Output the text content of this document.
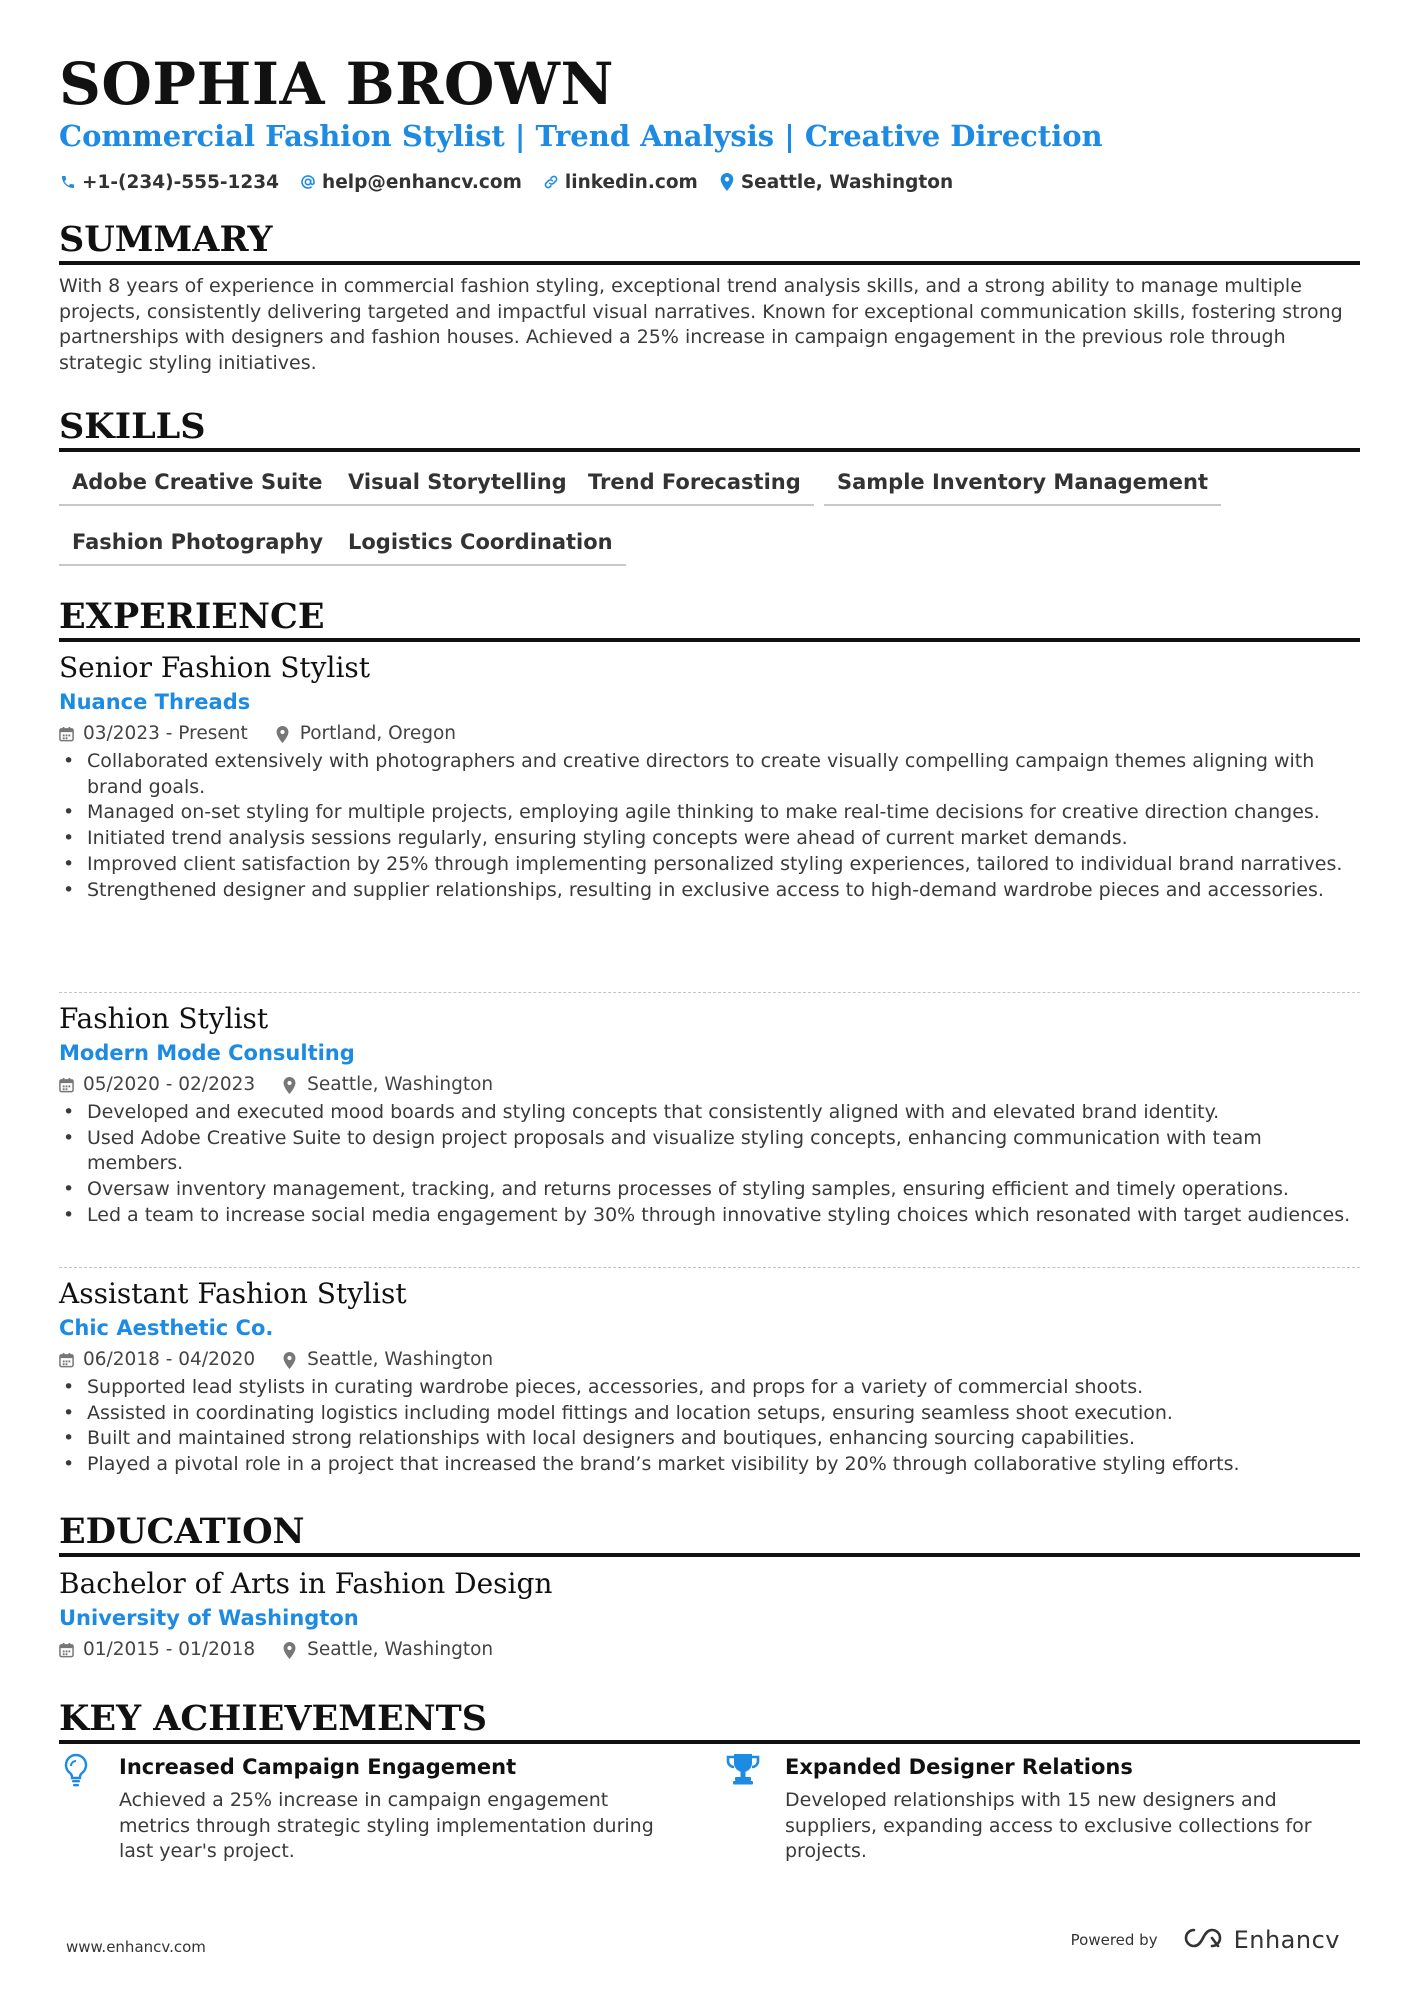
SOPHIA BROWN
Commercial Fashion Stylist | Trend Analysis | Creative Direction
+1-(234)-555-1234 help@enhancv.com linkedin.com Seattle, Washington
SUMMARY
With 8 years of experience in commercial fashion styling, exceptional trend analysis skills, and a strong ability to manage multiple projects, consistently delivering targeted and impactful visual narratives. Known for exceptional communication skills, fostering strong partnerships with designers and fashion houses. Achieved a 25% increase in campaign engagement in the previous role through strategic styling initiatives.
SKILLS
Adobe Creative Suite	Visual Storytelling	Trend Forecasting	Sample Inventory Management
Fashion Photography	Logistics Coordination
EXPERIENCE
Senior Fashion Stylist
Nuance Threads
03/2023 - Present	Portland, Oregon
• Collaborated extensively with photographers and creative directors to create visually compelling campaign themes aligning with brand goals.
• Managed on-set styling for multiple projects, employing agile thinking to make real-time decisions for creative direction changes.
• Initiated trend analysis sessions regularly, ensuring styling concepts were ahead of current market demands.
• Improved client satisfaction by 25% through implementing personalized styling experiences, tailored to individual brand narratives.
• Strengthened designer and supplier relationships, resulting in exclusive access to high-demand wardrobe pieces and accessories.
Fashion Stylist
Modern Mode Consulting
05/2020 - 02/2023	Seattle, Washington
• Developed and executed mood boards and styling concepts that consistently aligned with and elevated brand identity.
• Used Adobe Creative Suite to design project proposals and visualize styling concepts, enhancing communication with team members.
• Oversaw inventory management, tracking, and returns processes of styling samples, ensuring efficient and timely operations.
• Led a team to increase social media engagement by 30% through innovative styling choices which resonated with target audiences.
Assistant Fashion Stylist
Chic Aesthetic Co.
06/2018 - 04/2020	Seattle, Washington
• Supported lead stylists in curating wardrobe pieces, accessories, and props for a variety of commercial shoots.
• Assisted in coordinating logistics including model fittings and location setups, ensuring seamless shoot execution.
• Built and maintained strong relationships with local designers and boutiques, enhancing sourcing capabilities.
• Played a pivotal role in a project that increased the brand’s market visibility by 20% through collaborative styling efforts.
EDUCATION
Bachelor of Arts in Fashion Design
University of Washington
01/2015 - 01/2018	Seattle, Washington
KEY ACHIEVEMENTS
Increased Campaign Engagement
Achieved a 25% increase in campaign engagement metrics through strategic styling implementation during last year's project.
Expanded Designer Relations
Developed relationships with 15 new designers and suppliers, expanding access to exclusive collections for projects.
www.enhancv.com	Powered by	Enhancv
